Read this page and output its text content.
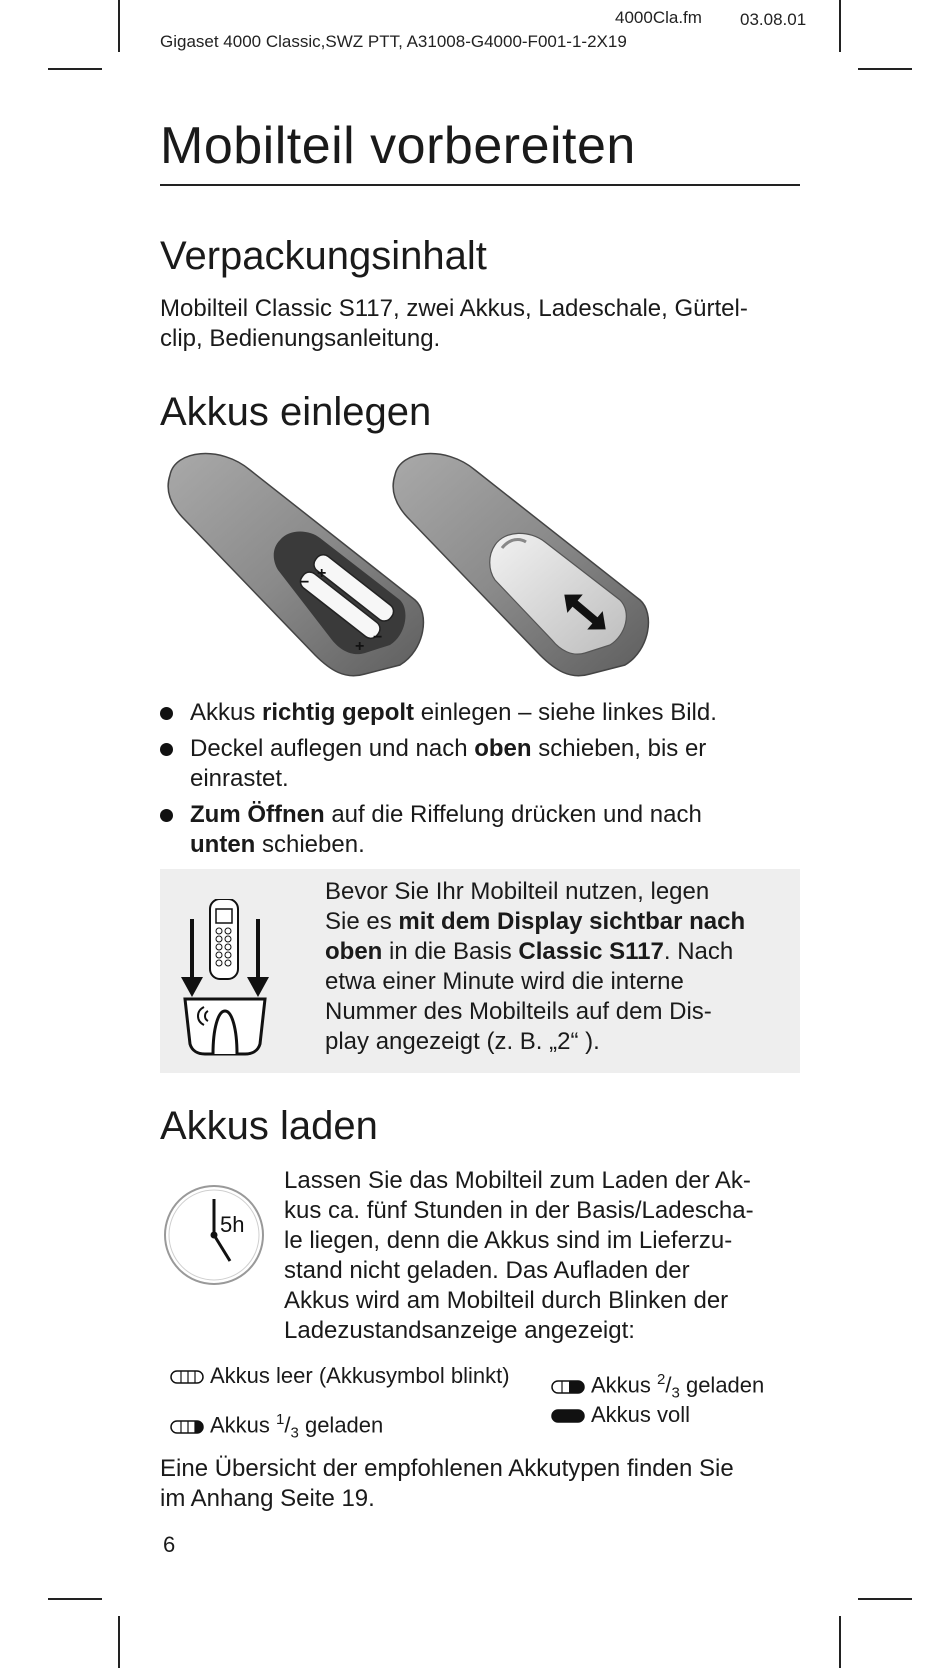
4000Cla.fm 03.08.01
Gigaset 4000 Classic,SWZ PTT, A31008-G4000-F001-1-2X19
Mobilteil vorbereiten
Verpackungsinhalt
Mobilteil Classic S117, zwei Akkus, Ladeschale, Gürtel-
clip, Bedienungsanleitung.
Akkus einlegen
+
−
−
+
Akkus richtig gepolt einlegen – siehe linkes Bild.
Deckel auflegen und nach oben schieben, bis er
einrastet.
Zum Öffnen auf die Riffelung drücken und nach
unten schieben.
Bevor Sie Ihr Mobilteil nutzen, legen
Sie es mit dem Display sichtbar nach
oben in die Basis Classic S117. Nach
etwa einer Minute wird die interne
Nummer des Mobilteils auf dem Dis-
play angezeigt (z. B. „2“ ).
Akkus laden
5h
Lassen Sie das Mobilteil zum Laden der Ak-
kus ca. fünf Stunden in der Basis/Ladescha-
le liegen, denn die Akkus sind im Lieferzu-
stand nicht geladen. Das Aufladen der
Akkus wird am Mobilteil durch Blinken der
Ladezustandsanzeige angezeigt:
Akkus leer (Akkusymbol blinkt)
Akkus $^1/_3$ geladen
Akkus $^2/_3$ geladen
Akkus voll
Eine Übersicht der empfohlenen Akkutypen finden Sie
im Anhang Seite 19.
6
